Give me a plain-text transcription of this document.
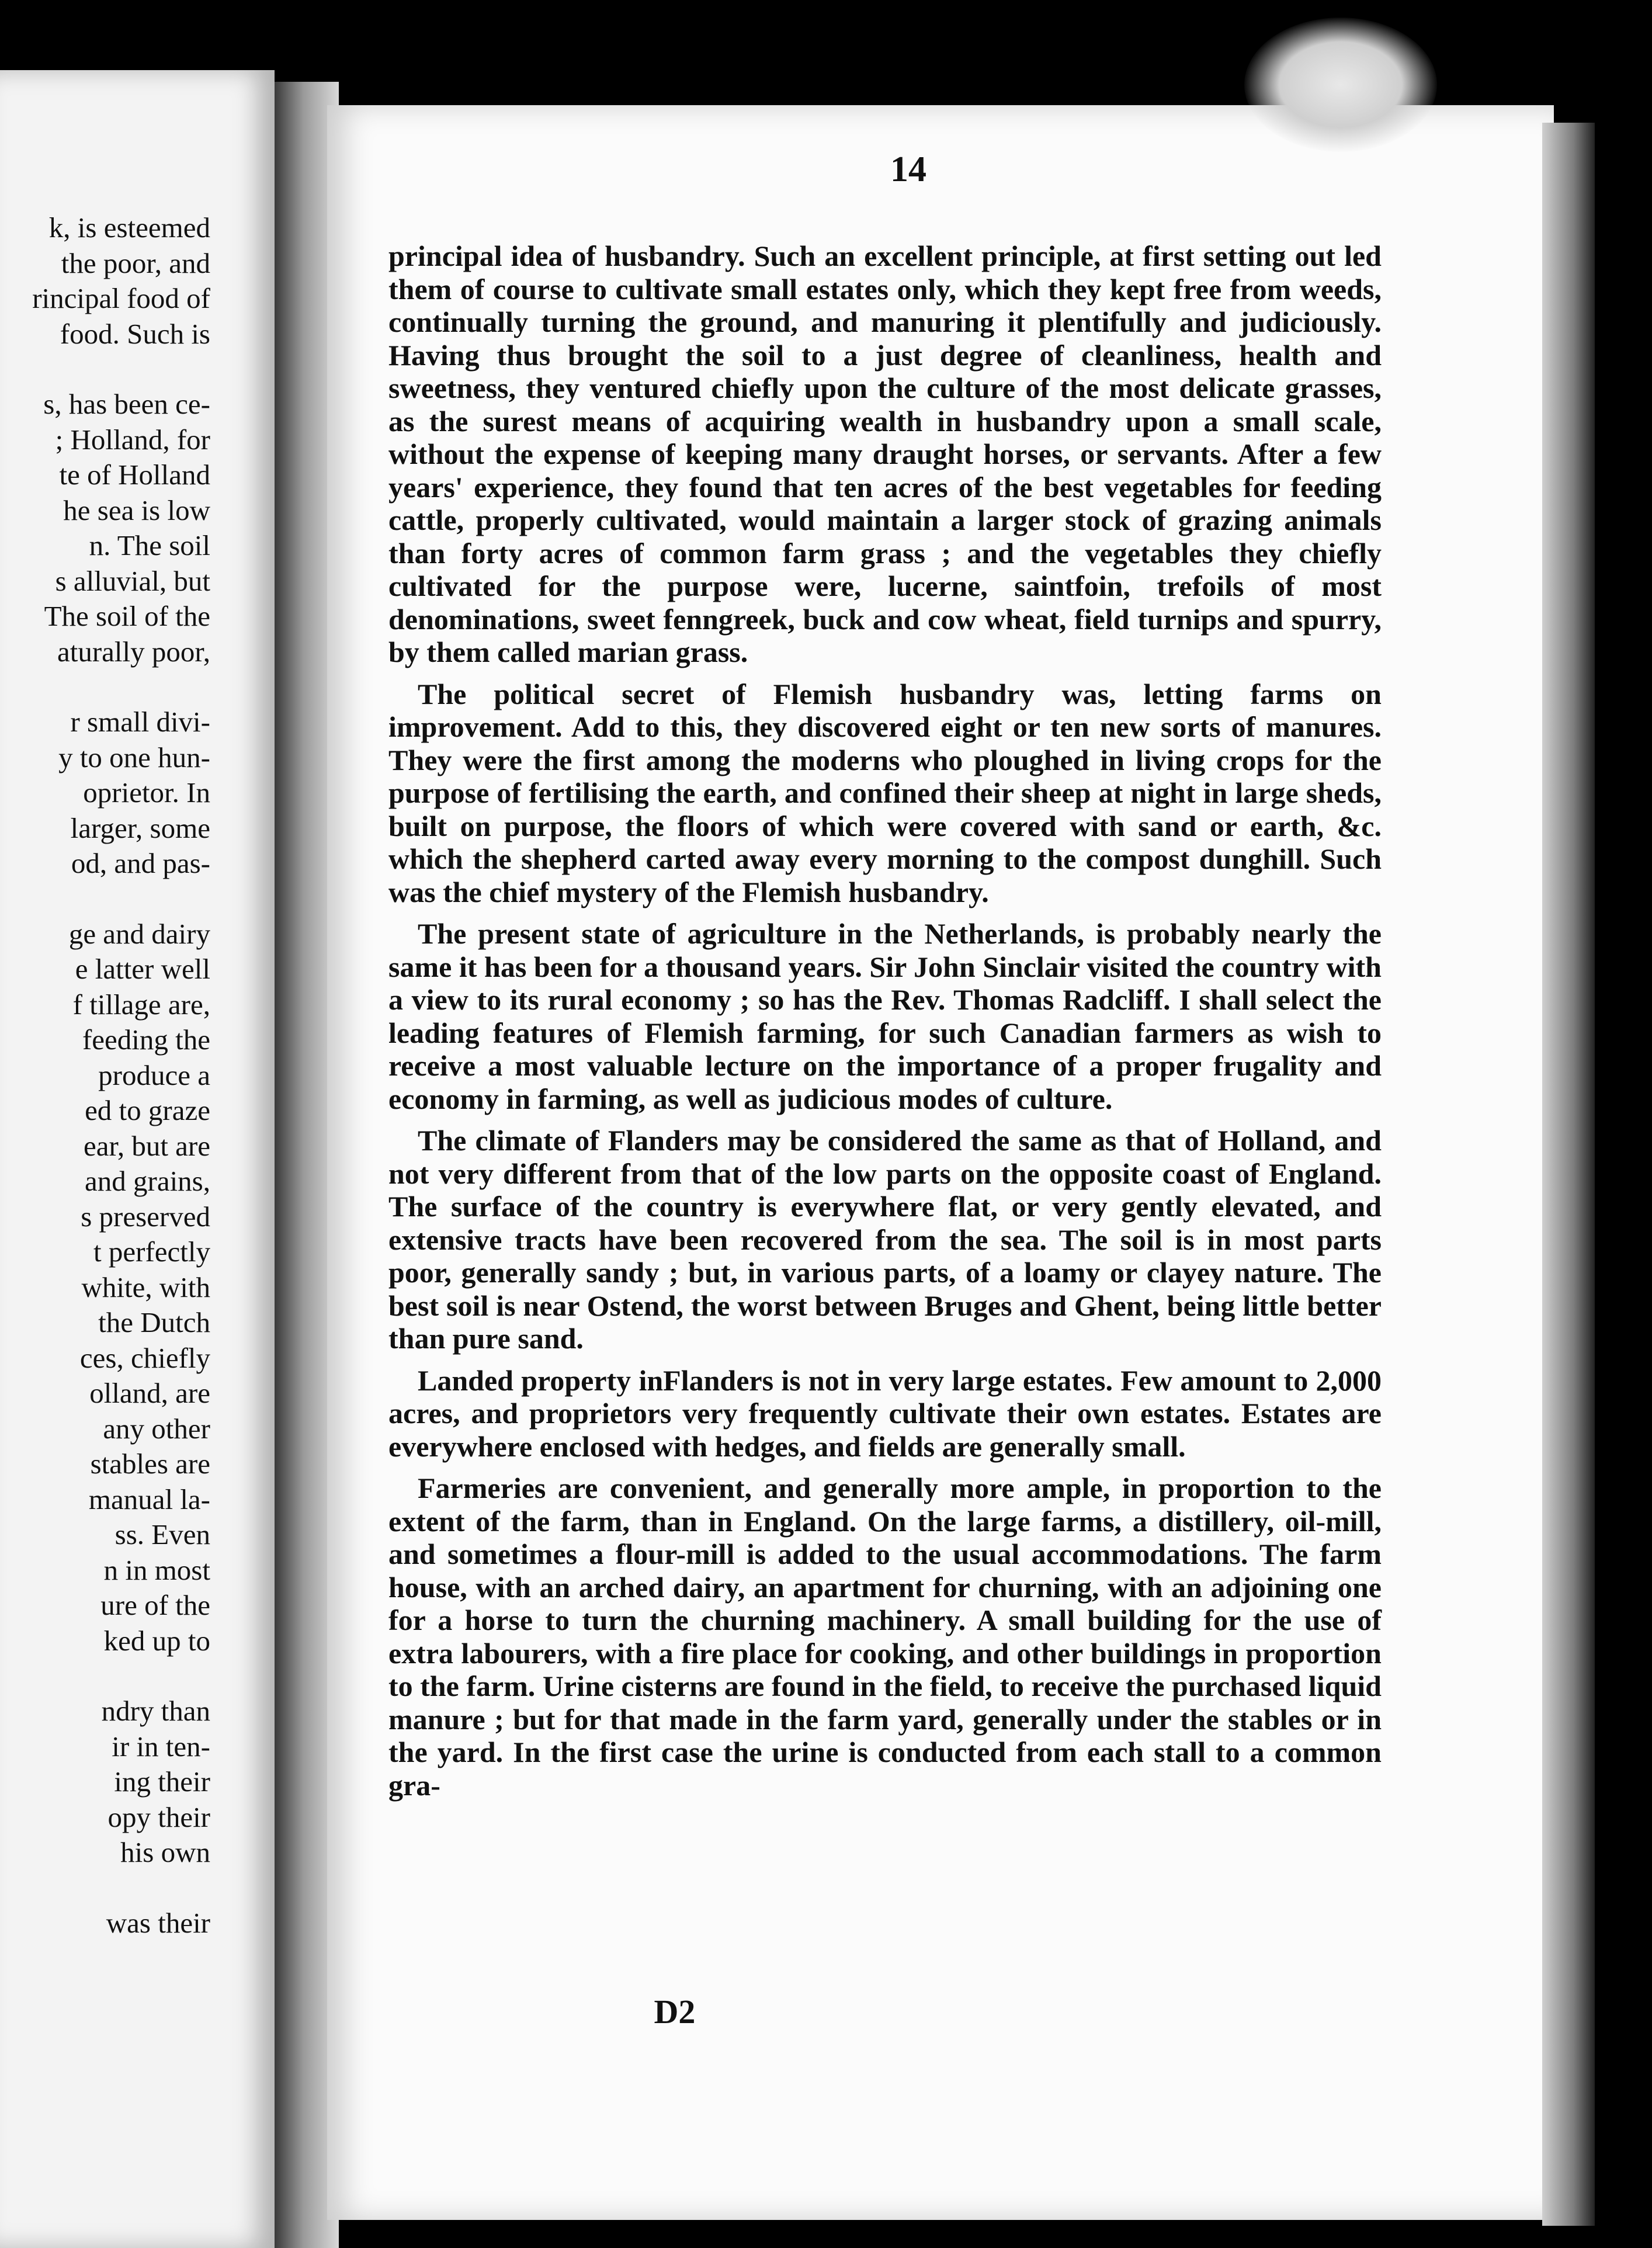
k, is esteemed
the poor, and
rincipal food of
food. Such is
s, has been ce-
; Holland, for
te of Holland
he sea is low
n. The soil
s alluvial, but
The soil of the
aturally poor,
r small divi-
y to one hun-
oprietor. In
larger, some
od, and pas-
ge and dairy
e latter well
f tillage are,
feeding the
produce a
ed to graze
ear, but are
and grains,
s preserved
t perfectly
white, with
the Dutch
ces, chiefly
olland, are
any other
stables are
manual la-
ss. Even
n in most
ure of the
ked up to
ndry than
ir in ten-
ing their
opy their
his own
was their
14

principal idea of husbandry. Such an excellent principle, at first setting out led them of course to cultivate small estates only, which they kept free from weeds, continually turning the ground, and manuring it plentifully and judiciously. Having thus brought the soil to a just degree of cleanliness, health and sweetness, they ventured chiefly upon the culture of the most delicate grasses, as the surest means of acquiring wealth in husbandry upon a small scale, without the expense of keeping many draught horses, or servants. After a few years' experience, they found that ten acres of the best vegetables for feeding cattle, properly cultivated, would maintain a larger stock of grazing animals than forty acres of common farm grass ; and the vegetables they chiefly cultivated for the purpose were, lucerne, saintfoin, trefoils of most denominations, sweet fenngreek, buck and cow wheat, field turnips and spurry, by them called marian grass.

The political secret of Flemish husbandry was, letting farms on improvement. Add to this, they discovered eight or ten new sorts of manures. They were the first among the moderns who ploughed in living crops for the purpose of fertilising the earth, and confined their sheep at night in large sheds, built on purpose, the floors of which were covered with sand or earth, &c. which the shepherd carted away every morning to the compost dunghill. Such was the chief mystery of the Flemish husbandry.

The present state of agriculture in the Netherlands, is probably nearly the same it has been for a thousand years. Sir John Sinclair visited the country with a view to its rural economy ; so has the Rev. Thomas Radcliff. I shall select the leading features of Flemish farming, for such Canadian farmers as wish to receive a most valuable lecture on the importance of a proper frugality and economy in farming, as well as judicious modes of culture.

The climate of Flanders may be considered the same as that of Holland, and not very different from that of the low parts on the opposite coast of England. The surface of the country is everywhere flat, or very gently elevated, and extensive tracts have been recovered from the sea. The soil is in most parts poor, generally sandy ; but, in various parts, of a loamy or clayey nature. The best soil is near Ostend, the worst between Bruges and Ghent, being little better than pure sand.

Landed property inFlanders is not in very large estates. Few amount to 2,000 acres, and proprietors very frequently cultivate their own estates. Estates are everywhere enclosed with hedges, and fields are generally small.

Farmeries are convenient, and generally more ample, in proportion to the extent of the farm, than in England. On the large farms, a distillery, oil-mill, and sometimes a flour-mill is added to the usual accommodations. The farm house, with an arched dairy, an apartment for churning, with an adjoining one for a horse to turn the churning machinery. A small building for the use of extra labourers, with a fire place for cooking, and other buildings in proportion to the farm. Urine cisterns are found in the field, to receive the purchased liquid manure ; but for that made in the farm yard, generally under the stables or in the yard. In the first case the urine is conducted from each stall to a common gra-

D2
